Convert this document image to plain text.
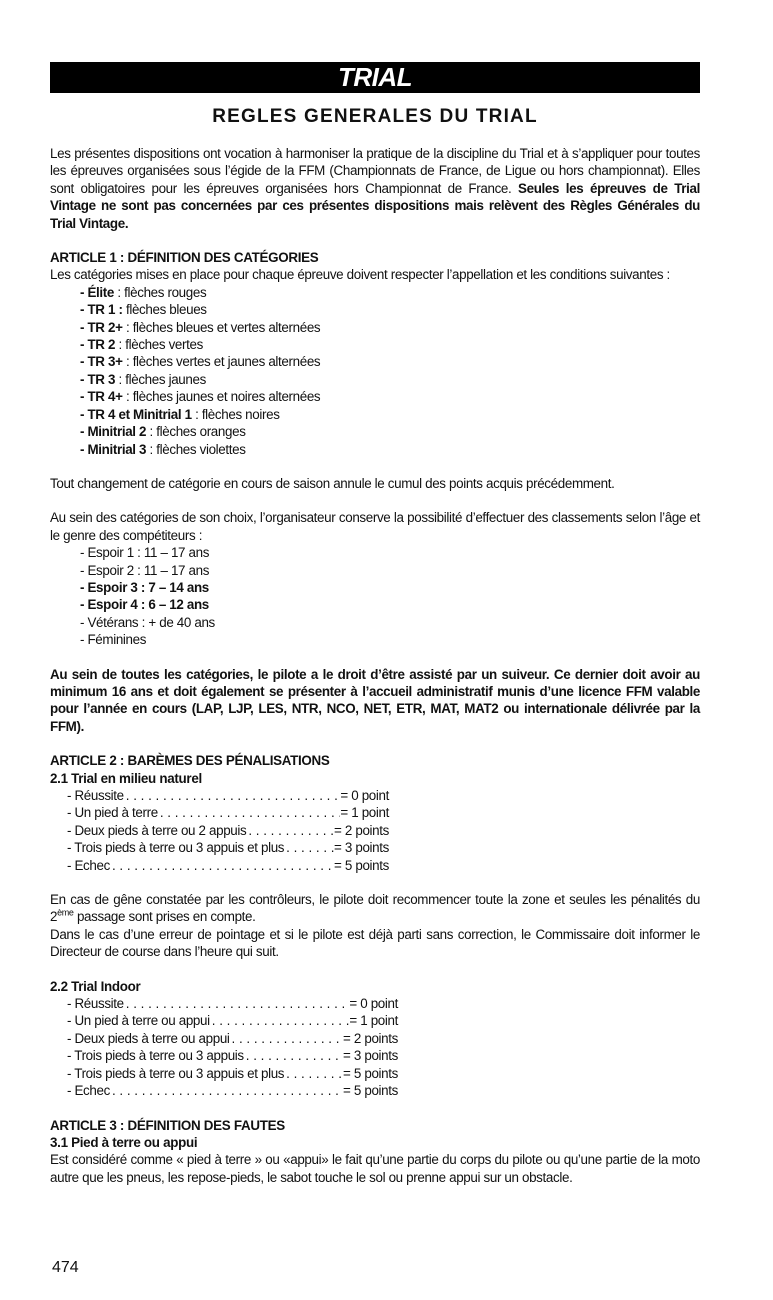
TRIAL
REGLES GENERALES DU TRIAL

Les présentes dispositions ont vocation à harmoniser la pratique de la discipline du Trial et à s’appliquer pour toutes les épreuves organisées sous l’égide de la FFM (Championnats de France, de Ligue ou hors championnat). Elles sont obligatoires pour les épreuves organisées hors Championnat de France. Seules les épreuves de Trial Vintage ne sont pas concernées par ces présentes dispositions mais relèvent des Règles Générales du Trial Vintage.

ARTICLE 1 : DÉFINITION DES CATÉGORIES

Les catégories mises en place pour chaque épreuve doivent respecter l’appellation et les conditions suivantes :

- Élite : flèches rouges
- TR 1 : flèches bleues
- TR 2+ : flèches bleues et vertes alternées
- TR 2 : flèches vertes
- TR 3+ : flèches vertes et jaunes alternées
- TR 3 : flèches jaunes
- TR 4+ : flèches jaunes et noires alternées
- TR 4 et Minitrial 1 : flèches noires
- Minitrial 2 : flèches oranges
- Minitrial 3 : flèches violettes

Tout changement de catégorie en cours de saison annule le cumul des points acquis précédemment.

Au sein des catégories de son choix, l’organisateur conserve la possibilité d’effectuer des classements selon l’âge et le genre des compétiteurs :

- Espoir 1 : 11 – 17 ans
- Espoir 2 : 11 – 17 ans
- Espoir 3 : 7 – 14 ans
- Espoir 4 : 6 – 12 ans
- Vétérans : + de 40 ans
- Féminines

Au sein de toutes les catégories, le pilote a le droit d’être assisté par un suiveur. Ce dernier doit avoir au minimum 16 ans et doit également se présenter à l’accueil administratif munis d’une licence FFM valable pour l’année en cours (LAP, LJP, LES, NTR, NCO, NET, ETR, MAT, MAT2 ou internationale délivrée par la FFM).

ARTICLE 2 : BARÈMES DES PÉNALISATIONS
2.1 Trial en milieu naturel
- Réussite . . .	= 0 point
- Un pied à terre . . .	= 1 point
- Deux pieds à terre ou 2 appuis . . .	= 2 points
- Trois pieds à terre ou 3 appuis et plus . . .	= 3 points
- Echec . . .	= 5 points

En cas de gêne constatée par les contrôleurs, le pilote doit recommencer toute la zone et seules les pénalités du 2ème passage sont prises en compte.

Dans le cas d’une erreur de pointage et si le pilote est déjà parti sans correction, le Commissaire doit informer le Directeur de course dans l’heure qui suit.

2.2 Trial Indoor
- Réussite . . .	= 0 point
- Un pied à terre ou appui . . .	= 1 point
- Deux pieds à terre ou appui . . .	= 2 points
- Trois pieds à terre ou 3 appuis . . .	= 3 points
- Trois pieds à terre ou 3 appuis et plus . . .	= 5 points
- Echec . . .	= 5 points
ARTICLE 3 : DÉFINITION DES FAUTES
3.1 Pied à terre ou appui

Est considéré comme « pied à terre » ou «appui» le fait qu’une partie du corps du pilote ou qu’une partie de la moto autre que les pneus, les repose-pieds, le sabot touche le sol ou prenne appui sur un obstacle.

474
